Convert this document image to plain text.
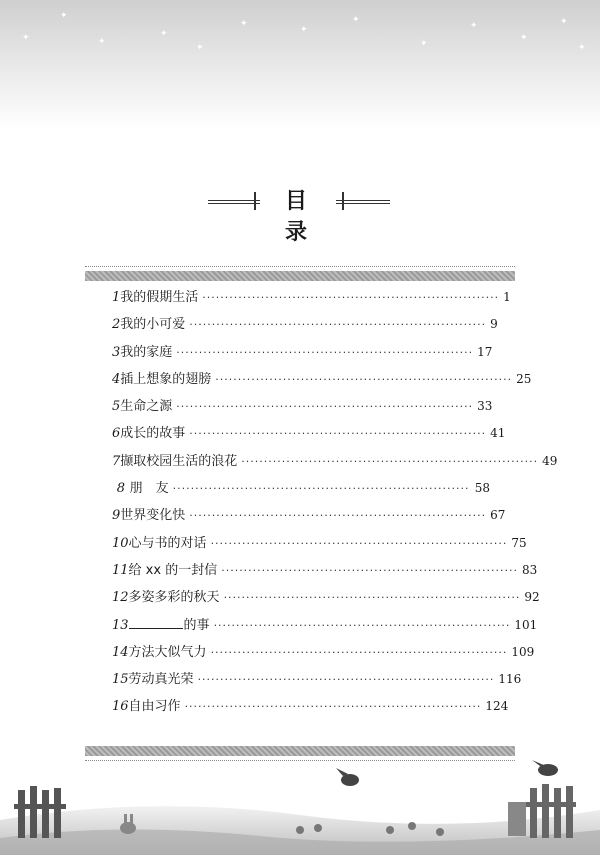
✦
✦
✦
✦
✦
✦
✦
✦
✦
✦
✦
✦
✦
目录
1 我的假期生活 ·································································· 1
2 我的小可爱 ·································································· 9
3 我的家庭 ·································································· 17
4 插上想象的翅膀 ·································································· 25
5 生命之源 ·································································· 33
6 成长的故事 ·································································· 41
7 撷取校园生活的浪花 ·································································· 49
8 朋　友 ·································································· 58
9 世界变化快 ·································································· 67
10 心与书的对话 ·································································· 75
11 给 xx 的一封信 ·································································· 83
12 多姿多彩的秋天 ·································································· 92
13	的事 ·································································· 101
14 方法大似气力 ·································································· 109
15 劳动真光荣 ·································································· 116
16 自由习作 ·································································· 124
